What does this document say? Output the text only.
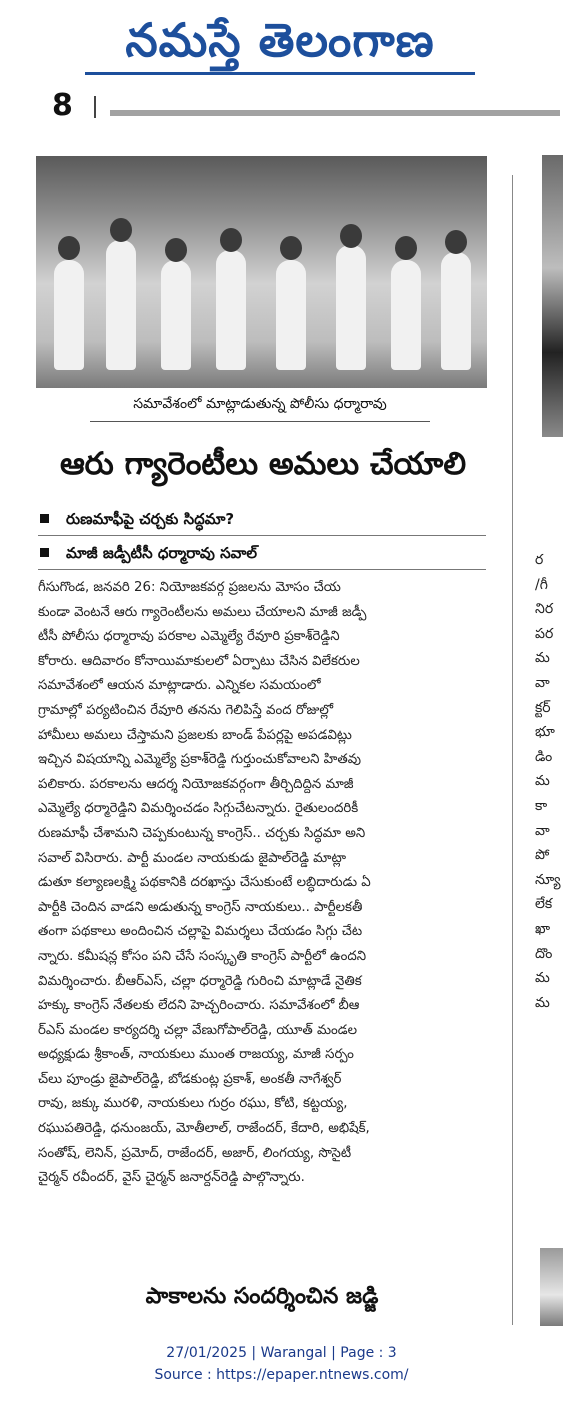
నమస్తే తెలంగాణ
8
సమావేశంలో మాట్లాడుతున్న పోలీసు ధర్మారావు
ఆరు గ్యారెంటీలు అమలు చేయాలి
రుణమాఫీపై చర్చకు సిద్ధమా?
మాజీ జడ్పీటీసీ ధర్మారావు సవాల్
గీసుగొండ, జనవరి 26: నియోజకవర్గ ప్రజలను మోసం చేయ
కుండా వెంటనే ఆరు గ్యారెంటీలను అమలు చేయాలని మాజీ జడ్పీ
టీసీ పోలీసు ధర్మారావు పరకాల ఎమ్మెల్యే రేవూరి ప్రకాశ్‌రెడ్డిని
కోరారు. ఆదివారం కోనాయిమాకులలో ఏర్పాటు చేసిన విలేకరుల
సమావేశంలో ఆయన మాట్లాడారు. ఎన్నికల సమయంలో
గ్రామాల్లో పర్యటించిన రేవూరి తనను గెలిపిస్తే వంద రోజుల్లో
హామీలు అమలు చేస్తామని ప్రజలకు బాండ్ పేపర్లపై అపడవిట్లు
ఇచ్చిన విషయాన్ని ఎమ్మెల్యే ప్రకాశ్‌రెడ్డి గుర్తుంచుకోవాలని హితవు
పలికారు. పరకాలను ఆదర్శ నియోజకవర్గంగా తీర్చిదిద్దిన మాజీ
ఎమ్మెల్యే ధర్మారెడ్డిని విమర్శించడం సిగ్గుచేటన్నారు. రైతులందరికీ
రుణమాఫీ చేశామని చెప్పకుంటున్న కాంగ్రెస్.. చర్చకు సిద్ధమా అని
సవాల్ విసిరారు. పార్టీ మండల నాయకుడు జైపాల్‌రెడ్డి మాట్లా
డుతూ కల్యాణలక్ష్మి పథకానికి దరఖాస్తు చేసుకుంటే లబ్ధిదారుడు ఏ
పార్టీకి చెందిన వాడని అడుతున్న కాంగ్రెస్ నాయకులు.. పార్టీలకతీ
తంగా పథకాలు అందించిన చల్లాపై విమర్శలు చేయడం సిగ్గు చేట
న్నారు. కమీషన్ల కోసం పని చేసే సంస్కృతి కాంగ్రెస్ పార్టీలో ఉందని
విమర్శించారు. బీఆర్ఎస్, చల్లా ధర్మారెడ్డి గురించి మాట్లాడే నైతిక
హక్కు కాంగ్రెస్ నేతలకు లేదని హెచ్చరించారు. సమావేశంలో బీఆ
ర్ఎస్ మండల కార్యదర్శి చల్లా వేణుగోపాల్‌రెడ్డి, యూత్ మండల
అధ్యక్షుడు శ్రీకాంత్, నాయకులు ముంత రాజయ్య, మాజీ సర్పం
చ్‌లు పూండ్రు జైపాల్‌రెడ్డి, బోడకుంట్ల ప్రకాశ్, అంకతీ నాగేశ్వర్
రావు, జక్కు మురళి, నాయకులు గుర్రం రఘు, కోటి, కట్టయ్య,
రఘుపతిరెడ్డి, ధనుంజయ్, మోతీలాల్, రాజేందర్, కేదారి, అభిషేక్,
సంతోష్, లెనిన్, ప్రమోద్, రాజేందర్, అజార్, లింగయ్య, సొసైటీ
చైర్మన్ రవీందర్, వైస్ చైర్మన్ జనార్దన్‌రెడ్డి పాల్గొన్నారు.
పాకాలను సందర్శించిన జడ్జి
ర
/గీ
నిర
పర
మ
వా
క్టర్
భూ
డిం
మ
కా
వా
పో
న్యూ
లేక
ఖా
దొం
మ
మ
27/01/2025 | Warangal | Page : 3
Source : https://epaper.ntnews.com/
